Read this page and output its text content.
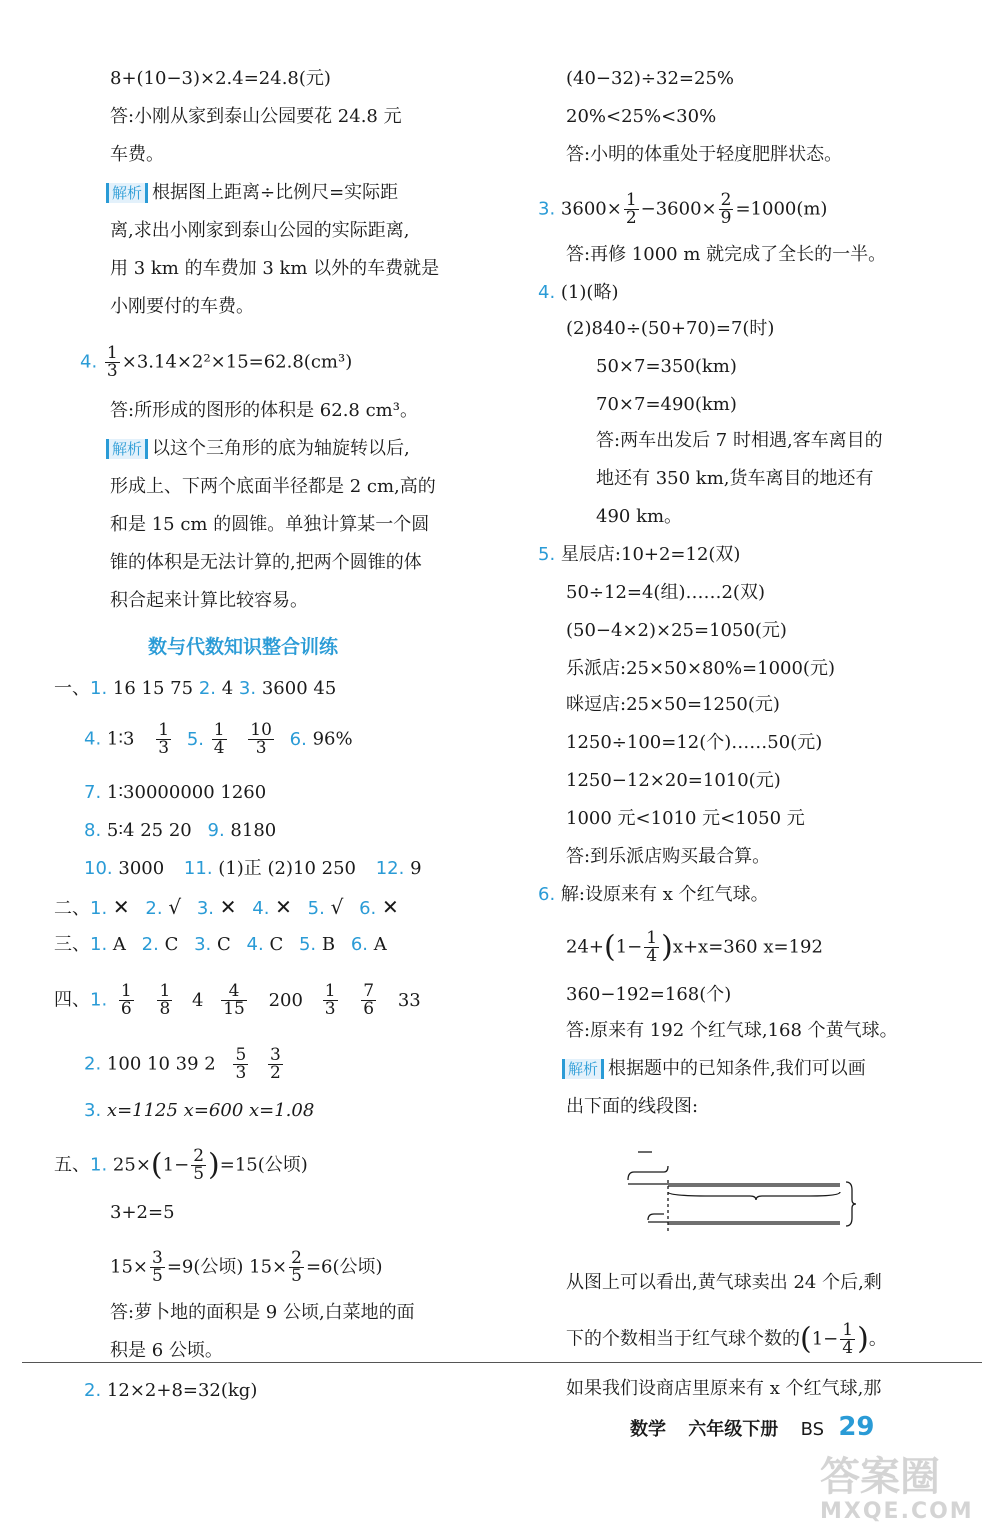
8+(10−3)×2.4=24.8(元)
答:小刚从家到泰山公园要花 24.8 元
车费。
解析 根据图上距离÷比例尺=实际距
离,求出小刚家到泰山公园的实际距离,
用 3 km 的车费加 3 km 以外的车费就是
小刚要付的车费。
4. $\frac{1}{3} \times 3.14\times 2^2\times 15=62.8(cm^3)$
答:所形成的图形的体积是 62.8 cm³。
解析 以这个三角形的底为轴旋转以后,
形成上、下两个底面半径都是 2 cm,高的
和是 15 cm 的圆锥。单独计算某一个圆
锥的体积是无法计算的,把两个圆锥的体
积合起来计算比较容易。
数与代数知识整合训练
一、1. 16 15 75 2. 4 3. 3600 45
4. 1∶3 $\frac{1}{3} 5$. $\frac{1}{4}$
$\frac{10}{3} 6$. 96%
7. 1∶30000000 1260
8. 5∶4 25 20 9. 8180
10. 3000 11. (1)正 (2)10 250 12. 9
二、1. ✕ 2. √ 3. ✕ 4. ✕ 5. √ 6. ✕
三、1. A 2. C 3. C 4. C 5. B 6. A
四、1. $\frac{1}{6}$
$\frac{1}{8} 4 \frac{4}{15} 200 \frac{1}{3}$
$\frac{7}{6} 33$
2. 100 10 39 $2 \frac{5}{3}$
$\frac{3}{2}$
3. x=1125 x=600 x=1.08
五、1. $25\times(1- \frac{2}{5} )=15$(公顷)
3+2=5
$15\times \frac{3}{5} =9$(公顷) $15\times \frac{2}{5} =6$(公顷)
答:萝卜地的面积是 9 公顷,白菜地的面
积是 6 公顷。
2. 12×2+8=32(kg)
(40−32)÷32=25%
20%<25%<30%
答:小明的体重处于轻度肥胖状态。
3. $3600\times \frac{1}{2} -3600\times \frac{2}{9} =1000(m)$
答:再修 1000 m 就完成了全长的一半。
4. (1)(略)
(2)840÷(50+70)=7(时)
50×7=350(km)
70×7=490(km)
答:两车出发后 7 时相遇,客车离目的
地还有 350 km,货车离目的地还有
490 km。
5. 星辰店:10+2=12(双)
50÷12=4(组)……2(双)
(50−4×2)×25=1050(元)
乐派店:25×50×80%=1000(元)
咪逗店:25×50=1250(元)
1250÷100=12(个)……50(元)
1250−12×20=1010(元)
1000 元<1010 元<1050 元
答:到乐派店购买最合算。
6. 解:设原来有 x 个红气球。
$24+(1- \frac{1}{4} )x+x=360$ x=192
360−192=168(个)
答:原来有 192 个红气球,168 个黄气球。
解析 根据题中的已知条件,我们可以画
出下面的线段图:
从图上可以看出,黄气球卖出 24 个后,剩
下的个数相当于红气球个数的($1- \frac{1}{4}$ )。
如果我们设商店里原来有 x 个红气球,那
数学 六年级下册 BS 29
答案圈
MXQE.COM
